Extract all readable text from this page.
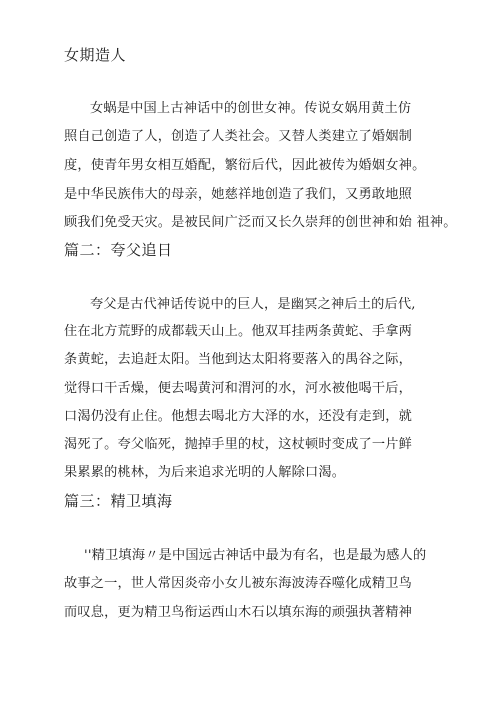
女期造人
女蜗是中国上古神话中的创世女神。传说女娲用黄土仿
照自己创造了人，创造了人类社会。又替人类建立了婚姻制
度，使青年男女相互婚配，繁衍后代，因此被传为婚姻女神。
是中华民族伟大的母亲，她慈祥地创造了我们，又勇敢地照
顾我们免受天灾。是被民间广泛而又长久崇拜的创世神和始 祖神。
篇二：夸父追日
夸父是古代神话传说中的巨人，是幽冥之神后土的后代,
住在北方荒野的成都载天山上。他双耳挂两条黄蛇、手拿两
条黄蛇，去追赶太阳。当他到达太阳将要落入的禺谷之际，
觉得口干舌燥，便去喝黄河和渭河的水，河水被他喝干后，
口渴仍没有止住。他想去喝北方大泽的水，还没有走到，就
渴死了。夸父临死，抛掉手里的杖，这杖顿时变成了一片鲜
果累累的桃林，为后来追求光明的人解除口渴。
篇三：精卫填海
''精卫填海〃是中国远古神话中最为有名，也是最为感人的
故事之一，世人常因炎帝小女儿被东海波涛吞噬化成精卫鸟
而叹息，更为精卫鸟衔运西山木石以填东海的顽强执著精神
